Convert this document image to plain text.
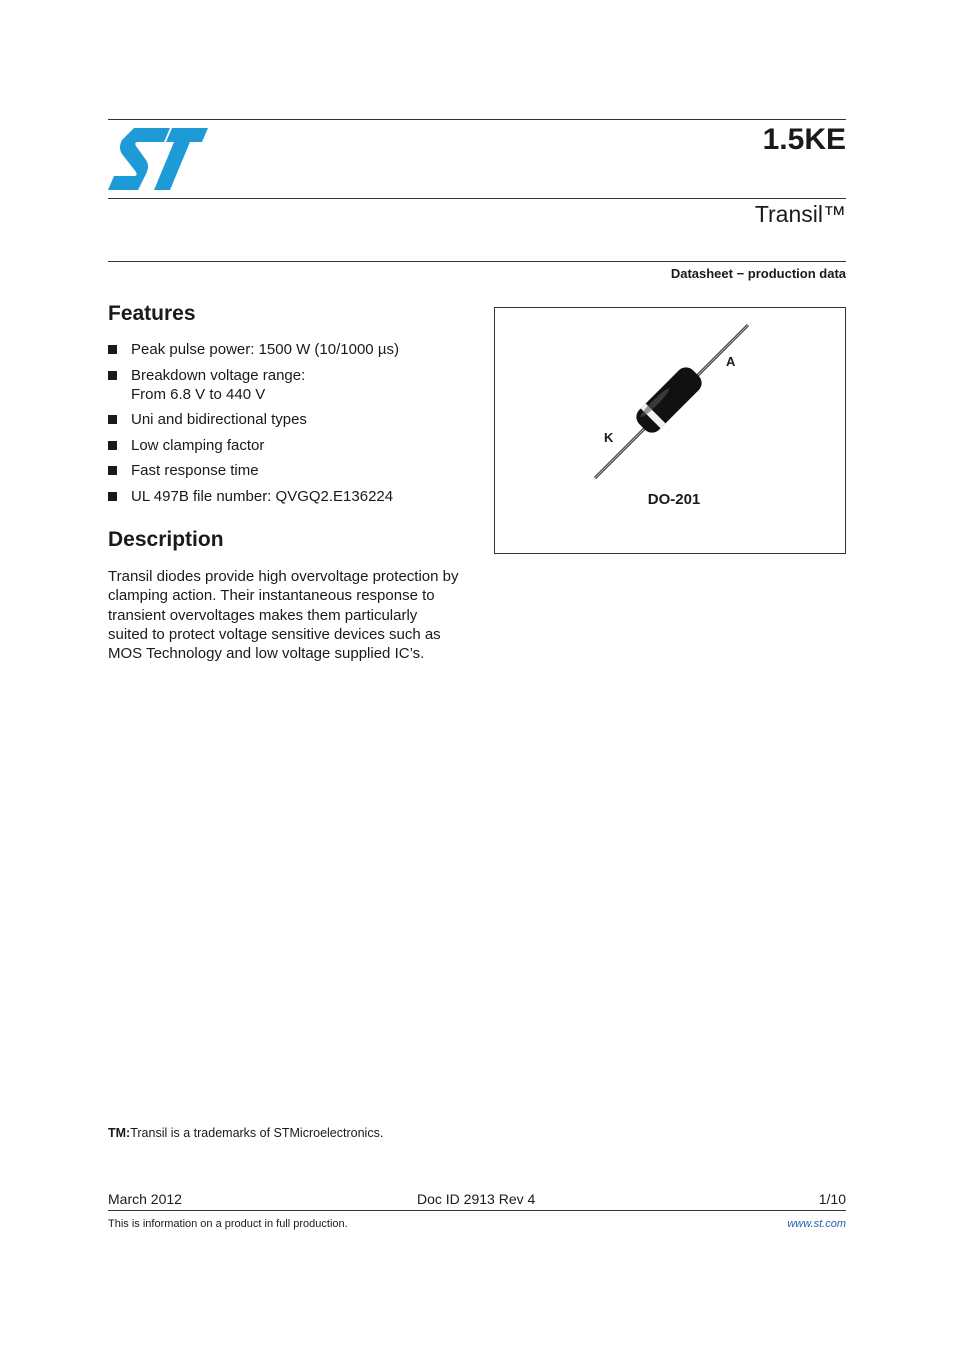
1.5KE
Transil™
Datasheet − production data
Features
Peak pulse power: 1500 W (10/1000 µs)
Breakdown voltage range:
From 6.8 V to 440 V
Uni and bidirectional types
Low clamping factor
Fast response time
UL 497B file number: QVGQ2.E136224
Description

Transil diodes provide high overvoltage protection by clamping action. Their instantaneous response to transient overvoltages makes them particularly suited to protect voltage sensitive devices such as MOS Technology and low voltage supplied IC’s.

A
K
DO-201
TM:Transil is a trademarks of STMicroelectronics.
March 2012	Doc ID 2913 Rev 4	1/10
This is information on a product in full production.	www.st.com
